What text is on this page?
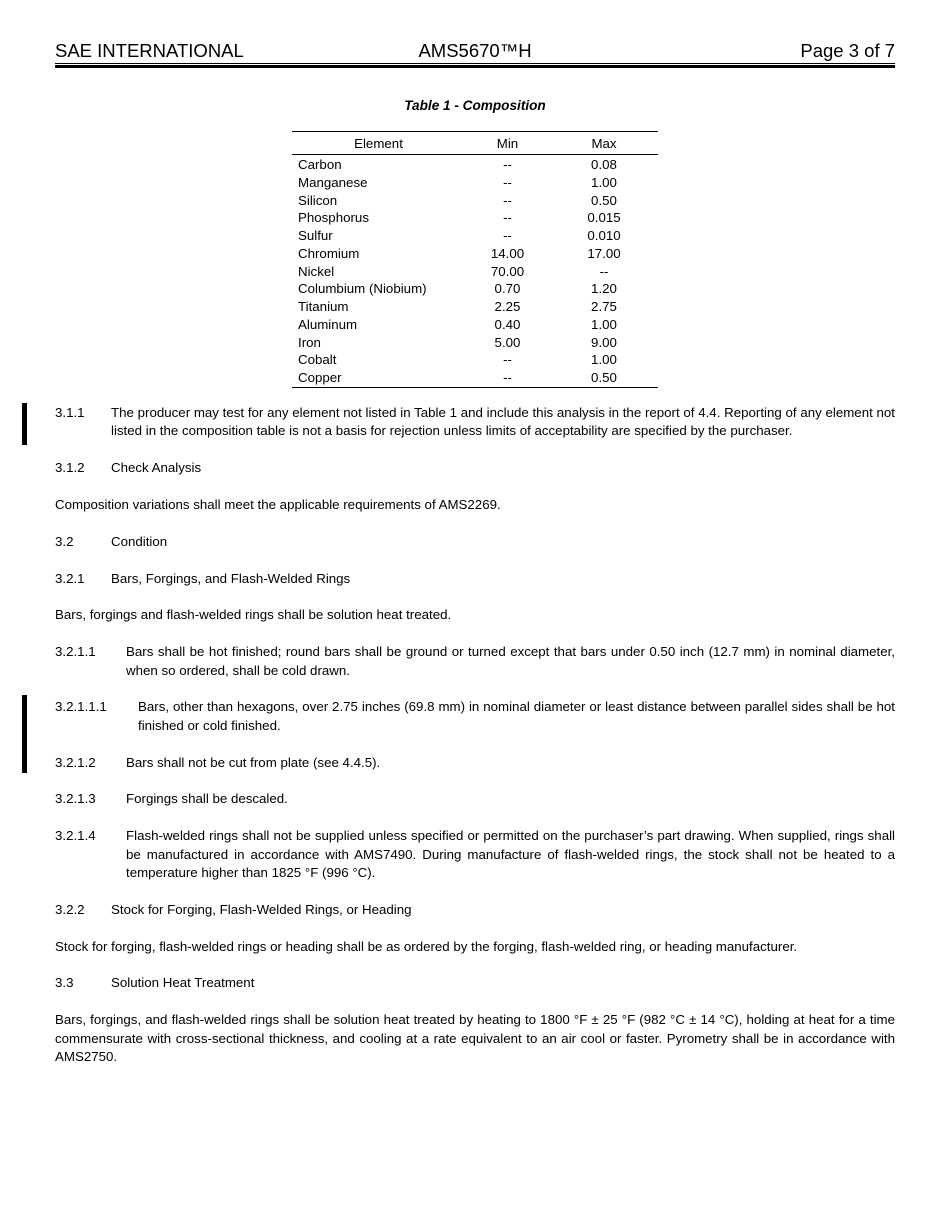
SAE INTERNATIONAL	AMS5670™H	Page 3 of 7
Table 1 - Composition
Element	Min	Max
Carbon	--	0.08
Manganese	--	1.00
Silicon	--	0.50
Phosphorus	--	0.015
Sulfur	--	0.010
Chromium	14.00	17.00
Nickel	70.00	--
Columbium (Niobium)	0.70	1.20
Titanium	2.25	2.75
Aluminum	0.40	1.00
Iron	5.00	9.00
Cobalt	--	1.00
Copper	--	0.50
3.1.1	The producer may test for any element not listed in Table 1 and include this analysis in the report of 4.4. Reporting of any element not listed in the composition table is not a basis for rejection unless limits of acceptability are specified by the purchaser.
3.1.2	Check Analysis
Composition variations shall meet the applicable requirements of AMS2269.
3.2	Condition
3.2.1	Bars, Forgings, and Flash-Welded Rings
Bars, forgings and flash-welded rings shall be solution heat treated.
3.2.1.1	Bars shall be hot finished; round bars shall be ground or turned except that bars under 0.50 inch (12.7 mm) in nominal diameter, when so ordered, shall be cold drawn.
3.2.1.1.1	Bars, other than hexagons, over 2.75 inches (69.8 mm) in nominal diameter or least distance between parallel sides shall be hot finished or cold finished.
3.2.1.2	Bars shall not be cut from plate (see 4.4.5).
3.2.1.3	Forgings shall be descaled.
3.2.1.4	Flash-welded rings shall not be supplied unless specified or permitted on the purchaser’s part drawing. When supplied, rings shall be manufactured in accordance with AMS7490. During manufacture of flash-welded rings, the stock shall not be heated to a temperature higher than 1825 °F (996 °C).
3.2.2	Stock for Forging, Flash-Welded Rings, or Heading
Stock for forging, flash-welded rings or heading shall be as ordered by the forging, flash-welded ring, or heading manufacturer.
3.3	Solution Heat Treatment
Bars, forgings, and flash-welded rings shall be solution heat treated by heating to 1800 °F ± 25 °F (982 °C ± 14 °C), holding at heat for a time commensurate with cross-sectional thickness, and cooling at a rate equivalent to an air cool or faster. Pyrometry shall be in accordance with AMS2750.
